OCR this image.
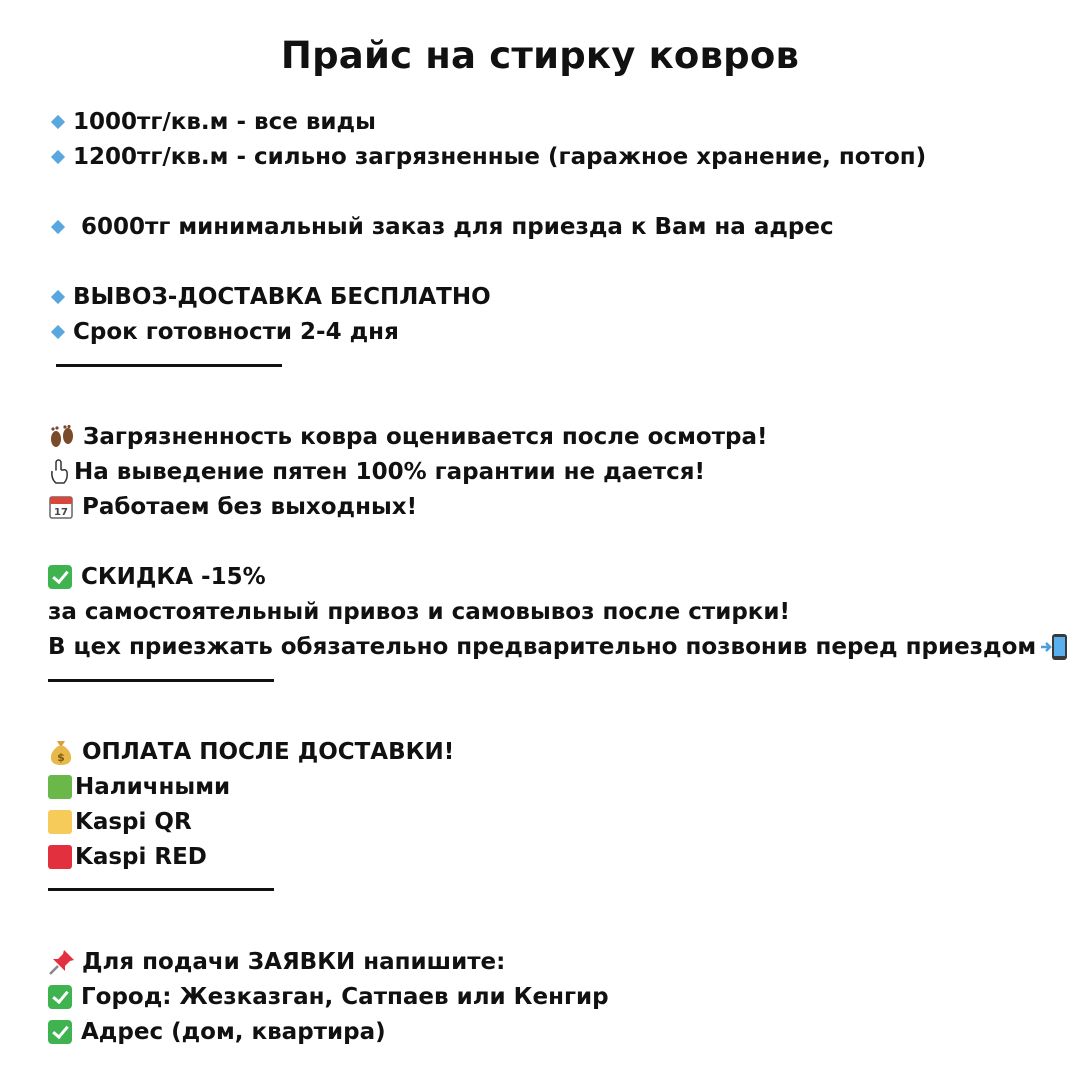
Прайс на стирку ковров
1000тг/кв.м - все виды
1200тг/кв.м - сильно загрязненные (гаражное хранение, потоп)
6000тг минимальный заказ для приезда к Вам на адрес
ВЫВОЗ-ДОСТАВКА БЕСПЛАТНО
Срок готовности 2-4 дня
Загрязненность ковра оценивается после осмотра!
На выведение пятен 100% гарантии не дается!
17 Работаем без выходных!
СКИДКА -15%
за самостоятельный привоз и самовывоз после стирки!
В цех приезжать обязательно предварительно позвонив перед приездом
$ ОПЛАТА ПОСЛЕ ДОСТАВКИ!
Наличными
Kaspi QR
Kaspi RED
Для подачи ЗАЯВКИ напишите:
Город: Жезказган, Сатпаев или Кенгир
Адрес (дом, квартира)
